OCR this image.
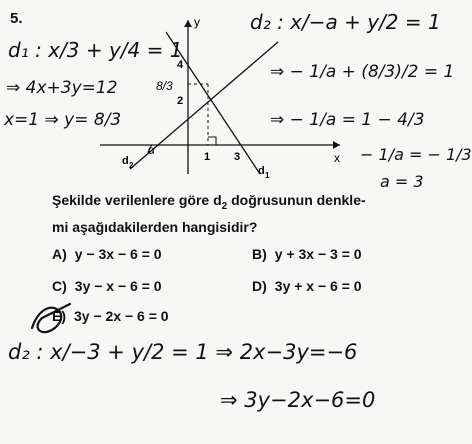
5.	y
x
4
2
8/3
1 3
α
d 2	d 1
d₁ : x/3 + y/4 = 1
⇒ 4x+3y=12
x=1 ⇒ y= 8/3
d₂ : x/−a + y/2 = 1
⇒ − 1/a + (8/3)/2 = 1
⇒ − 1/a = 1 − 4/3
− 1/a = − 1/3
a = 3
Şekilde verilenlere göre $d_2$ doğrusunun denkle-
mi aşağıdakilerden hangisidir?
A) y − 3x − 6 = 0	B) y + 3x − 3 = 0
C) 3y − x − 6 = 0	D) 3y + x − 6 = 0
E) 3y − 2x − 6 = 0
d₂ : x/−3 + y/2 = 1 ⇒ 2x−3y=−6
⇒ 3y−2x−6=0
